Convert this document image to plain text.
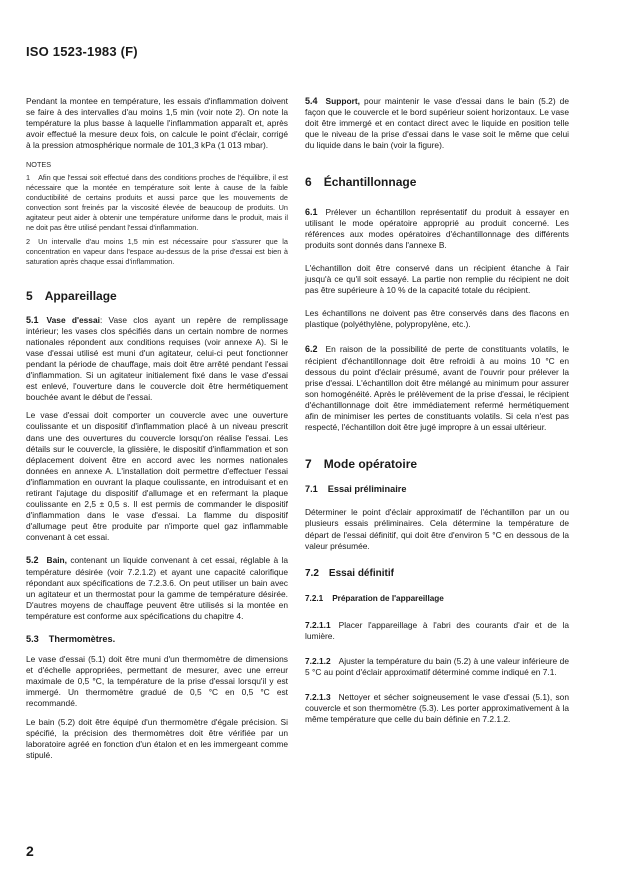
ISO 1523-1983 (F)

Pendant la montee en température, les essais d'inflammation doivent se faire à des intervalles d'au moins 1,5 min (voir note 2). On note la température la plus basse à laquelle l'inflammation apparaît et, après avoir effectué la mesure deux fois, on calcule le point d'éclair, corrigé à la pression atmosphérique normale de 101,3 kPa (1 013 mbar).

NOTES

1 Afin que l'essai soit effectué dans des conditions proches de l'équilibre, il est nécessaire que la montée en température soit lente à cause de la faible conductibilité de certains produits et aussi parce que les mouvements de convection sont freinés par la viscosité élevée de beaucoup de produits. Un agitateur peut aider à obtenir une température uniforme dans le produit, mais il ne doit pas être utilisé pendant l'essai d'inflammation.

2 Un intervalle d'au moins 1,5 min est nécessaire pour s'assurer que la concentration en vapeur dans l'espace au-dessus de la prise d'essai est bien à saturation après chaque essai d'inflammation.

5 Appareillage

5.1 Vase d'essai: Vase clos ayant un repère de remplissage intérieur; les vases clos spécifiés dans un certain nombre de normes nationales répondent aux conditions requises (voir annexe A). Si le vase d'essai utilisé est muni d'un agitateur, celui-ci peut fonctionner pendant la période de chauffage, mais doit être arrêté pendant l'essai d'inflammation. Si un agitateur initialement fixé dans le vase d'essai est enlevé, l'ouverture dans le couvercle doit être hermétiquement bouchée avant le début de l'essai.

Le vase d'essai doit comporter un couvercle avec une ouverture coulissante et un dispositif d'inflammation placé à un niveau prescrit dans une des ouvertures du couvercle lorsqu'on réalise l'essai. Les détails sur le couvercle, la glissière, le dispositif d'inflammation et son déplacement doivent être en accord avec les normes nationales données en annexe A. L'installation doit permettre d'effectuer l'essai d'inflammation en ouvrant la plaque coulissante, en introduisant et en retirant l'ajutage du dispositif d'allumage et en refermant la plaque coulissante en 2,5 ± 0,5 s. Il est permis de commander le dispositif d'inflammation dans le vase d'essai. La flamme du dispositif d'allumage peut être produite par n'importe quel gaz inflammable convenant à cet essai.

5.2 Bain, contenant un liquide convenant à cet essai, réglable à la température désirée (voir 7.2.1.2) et ayant une capacité calorifique répondant aux spécifications de 7.2.3.6. On peut utiliser un bain avec un agitateur et un thermostat pour la gamme de température désirée. D'autres moyens de chauffage peuvent être utilisés si la montée en température est conforme aux spécifications du chapitre 4.

5.3 Thermomètres.

Le vase d'essai (5.1) doit être muni d'un thermomètre de dimensions et d'échelle appropriées, permettant de mesurer, avec une erreur maximale de 0,5 °C, la température de la prise d'essai lorsqu'il y est immergé. Un thermomètre gradué de 0,5 °C en 0,5 °C est recommandé.

Le bain (5.2) doit être équipé d'un thermomètre d'égale précision. Si spécifié, la précision des thermomètres doit être vérifiée par un laboratoire agréé en fonction d'un étalon et en les immergeant comme stipulé.

5.4 Support, pour maintenir le vase d'essai dans le bain (5.2) de façon que le couvercle et le bord supérieur soient horizontaux. Le vase doit être immergé et en contact direct avec le liquide en position telle que le niveau de la prise d'essai dans le vase soit le même que celui du liquide dans le bain (voir la figure).

6 Échantillonnage

6.1 Prélever un échantillon représentatif du produit à essayer en utilisant le mode opératoire approprié au produit concerné. Les références aux modes opératoires d'échantillonnage des différents produits sont donnés dans l'annexe B.

L'échantillon doit être conservé dans un récipient étanche à l'air jusqu'à ce qu'il soit essayé. La partie non remplie du récipient ne doit pas être supérieure à 10 % de la capacité totale du récipient.

Les échantillons ne doivent pas être conservés dans des flacons en plastique (polyéthylène, polypropylène, etc.).

6.2 En raison de la possibilité de perte de constituants volatils, le récipient d'échantillonnage doit être refroidi à au moins 10 °C en dessous du point d'éclair présumé, avant de l'ouvrir pour prélever la prise d'essai. L'échantillon doit être mélangé au minimum pour assurer son homogénéité. Après le prélèvement de la prise d'essai, le récipient d'échantillonnage doit être immédiatement refermé hermétiquement afin de minimiser les pertes de constituants volatils. Si cela n'est pas respecté, l'échantillon doit être jugé impropre à un essai ultérieur.

7 Mode opératoire
7.1 Essai préliminaire

Déterminer le point d'éclair approximatif de l'échantillon par un ou plusieurs essais préliminaires. Cela détermine la température de départ de l'essai définitif, qui doit être d'environ 5 °C en dessous de la valeur présumée.

7.2 Essai définitif
7.2.1 Préparation de l'appareillage

7.2.1.1 Placer l'appareillage à l'abri des courants d'air et de la lumière.

7.2.1.2 Ajuster la température du bain (5.2) à une valeur inférieure de 5 °C au point d'éclair approximatif déterminé comme indiqué en 7.1.

7.2.1.3 Nettoyer et sécher soigneusement le vase d'essai (5.1), son couvercle et son thermomètre (5.3). Les porter approximativement à la même température que celle du bain définie en 7.2.1.2.

2
